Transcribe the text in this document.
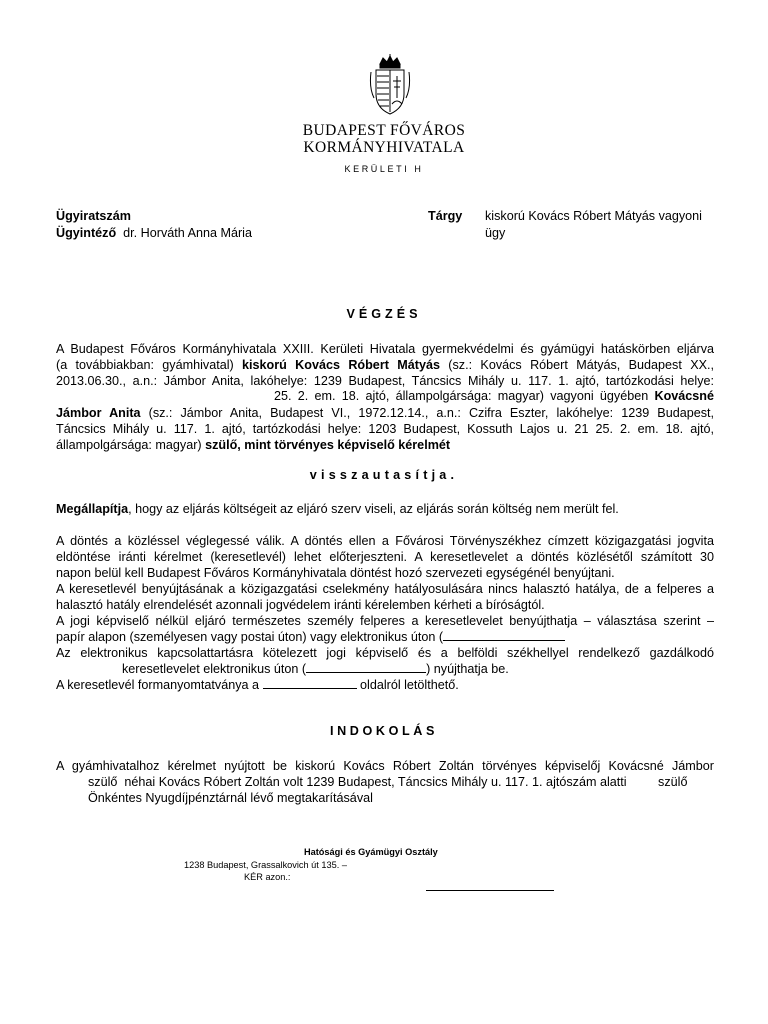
BUDAPEST FŐVÁROS
KORMÁNYHIVATALA
KERÜLETI H
Ügyiratszám
Ügyintéző dr. Horváth Anna Mária
Tárgy kiskorú Kovács Róbert Mátyás vagyoni
ügy
VÉGZÉS
A Budapest Főváros Kormányhivatala XXIII. Kerületi Hivatala gyermekvédelmi és gyámügyi hatáskörben eljárva
(a továbbiakban: gyámhivatal) kiskorú Kovács Róbert Mátyás (sz.: Kovács Róbert Mátyás, Budapest XX.,
2013.06.30., a.n.: Jámbor Anita, lakóhelye: 1239 Budapest, Táncsics Mihály u. 117. 1. ajtó, tartózkodási helye:
25. 2. em. 18. ajtó, állampolgársága: magyar) vagyoni ügyében Kovácsné
Jámbor Anita (sz.: Jámbor Anita, Budapest VI., 1972.12.14., a.n.: Czifra Eszter, lakóhelye: 1239 Budapest,
Táncsics Mihály u. 117. 1. ajtó, tartózkodási helye: 1203 Budapest, Kossuth Lajos u. 21 25. 2. em. 18. ajtó,
állampolgársága: magyar) szülő, mint törvényes képviselő kérelmét
visszautasítja.
Megállapítja, hogy az eljárás költségeit az eljáró szerv viseli, az eljárás során költség nem merült fel.
A döntés a közléssel véglegessé válik. A döntés ellen a Fővárosi Törvényszékhez címzett közigazgatási jogvita
eldöntése iránti kérelmet (keresetlevél) lehet előterjeszteni. A keresetlevelet a döntés közlésétől számított 30
napon belül kell Budapest Főváros Kormányhivatala döntést hozó szervezeti egységénél benyújtani.
A keresetlevél benyújtásának a közigazgatási cselekmény hatályosulására nincs halasztó hatálya, de a felperes a
halasztó hatály elrendelését azonnali jogvédelem iránti kérelemben kérheti a bíróságtól.
A jogi képviselő nélkül eljáró természetes személy felperes a keresetlevelet benyújthatja – választása szerint –
papír alapon (személyesen vagy postai úton) vagy elektronikus úton (
Az elektronikus kapcsolattartásra kötelezett jogi képviselő és a belföldi székhellyel rendelkező gazdálkodó
keresetlevelet elektronikus úton (	) nyújthatja be.
A keresetlevél formanyomtatványa a	oldalról letölthető.
INDOKOLÁS
A gyámhivatalhoz kérelmet nyújtott be kiskorú Kovács Róbert Zoltán törvényes képviselőj Kovácsné Jámbor
szülő  néhai Kovács Róbert Zoltán volt 1239 Budapest, Táncsics Mihály u. 117. 1. ajtószám alatti         szülő
Önkéntes Nyugdíjpénztárnál lévő megtakarításával
Hatósági és Gyámügyi Osztály
1238 Budapest, Grassalkovich út 135. –
KÉR azon.:
